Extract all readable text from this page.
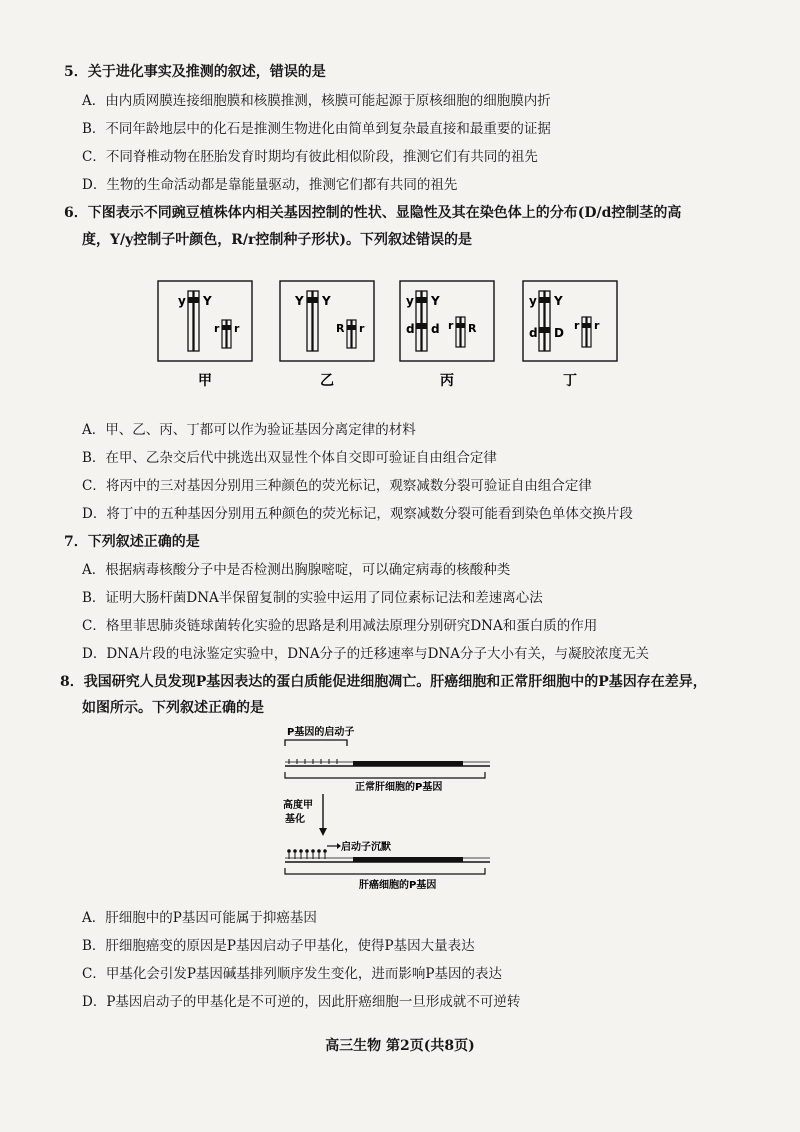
5．关于进化事实及推测的叙述，错误的是
A．由内质网膜连接细胞膜和核膜推测，核膜可能起源于原核细胞的细胞膜内折
B．不同年龄地层中的化石是推测生物进化由简单到复杂最直接和最重要的证据
C．不同脊椎动物在胚胎发育时期均有彼此相似阶段，推测它们有共同的祖先
D．生物的生命活动都是靠能量驱动，推测它们都有共同的祖先
6．下图表示不同豌豆植株体内相关基因控制的性状、显隐性及其在染色体上的分布(D/d控制茎的高
度，Y/y控制子叶颜色，R/r控制种子形状)。下列叙述错误的是
y Y
r r
甲
Y Y
R r
乙
y Y
d d r R
丙
y Y
d D
r r
丁
A．甲、乙、丙、丁都可以作为验证基因分离定律的材料
B．在甲、乙杂交后代中挑选出双显性个体自交即可验证自由组合定律
C．将丙中的三对基因分别用三种颜色的荧光标记，观察减数分裂可验证自由组合定律
D．将丁中的五种基因分别用五种颜色的荧光标记，观察减数分裂可能看到染色单体交换片段
7．下列叙述正确的是
A．根据病毒核酸分子中是否检测出胸腺嘧啶，可以确定病毒的核酸种类
B．证明大肠杆菌DNA半保留复制的实验中运用了同位素标记法和差速离心法
C．格里菲思肺炎链球菌转化实验的思路是利用减法原理分别研究DNA和蛋白质的作用
D．DNA片段的电泳鉴定实验中，DNA分子的迁移速率与DNA分子大小有关，与凝胶浓度无关
8．我国研究人员发现P基因表达的蛋白质能促进细胞凋亡。肝癌细胞和正常肝细胞中的P基因存在差异，
如图所示。下列叙述正确的是
P基因的启动子
正常肝细胞的P基因
高度甲
基化
启动子沉默
肝癌细胞的P基因
A．肝细胞中的P基因可能属于抑癌基因
B．肝细胞癌变的原因是P基因启动子甲基化，使得P基因大量表达
C．甲基化会引发P基因碱基排列顺序发生变化，进而影响P基因的表达
D．P基因启动子的甲基化是不可逆的，因此肝癌细胞一旦形成就不可逆转
高三生物 第2页(共8页)
